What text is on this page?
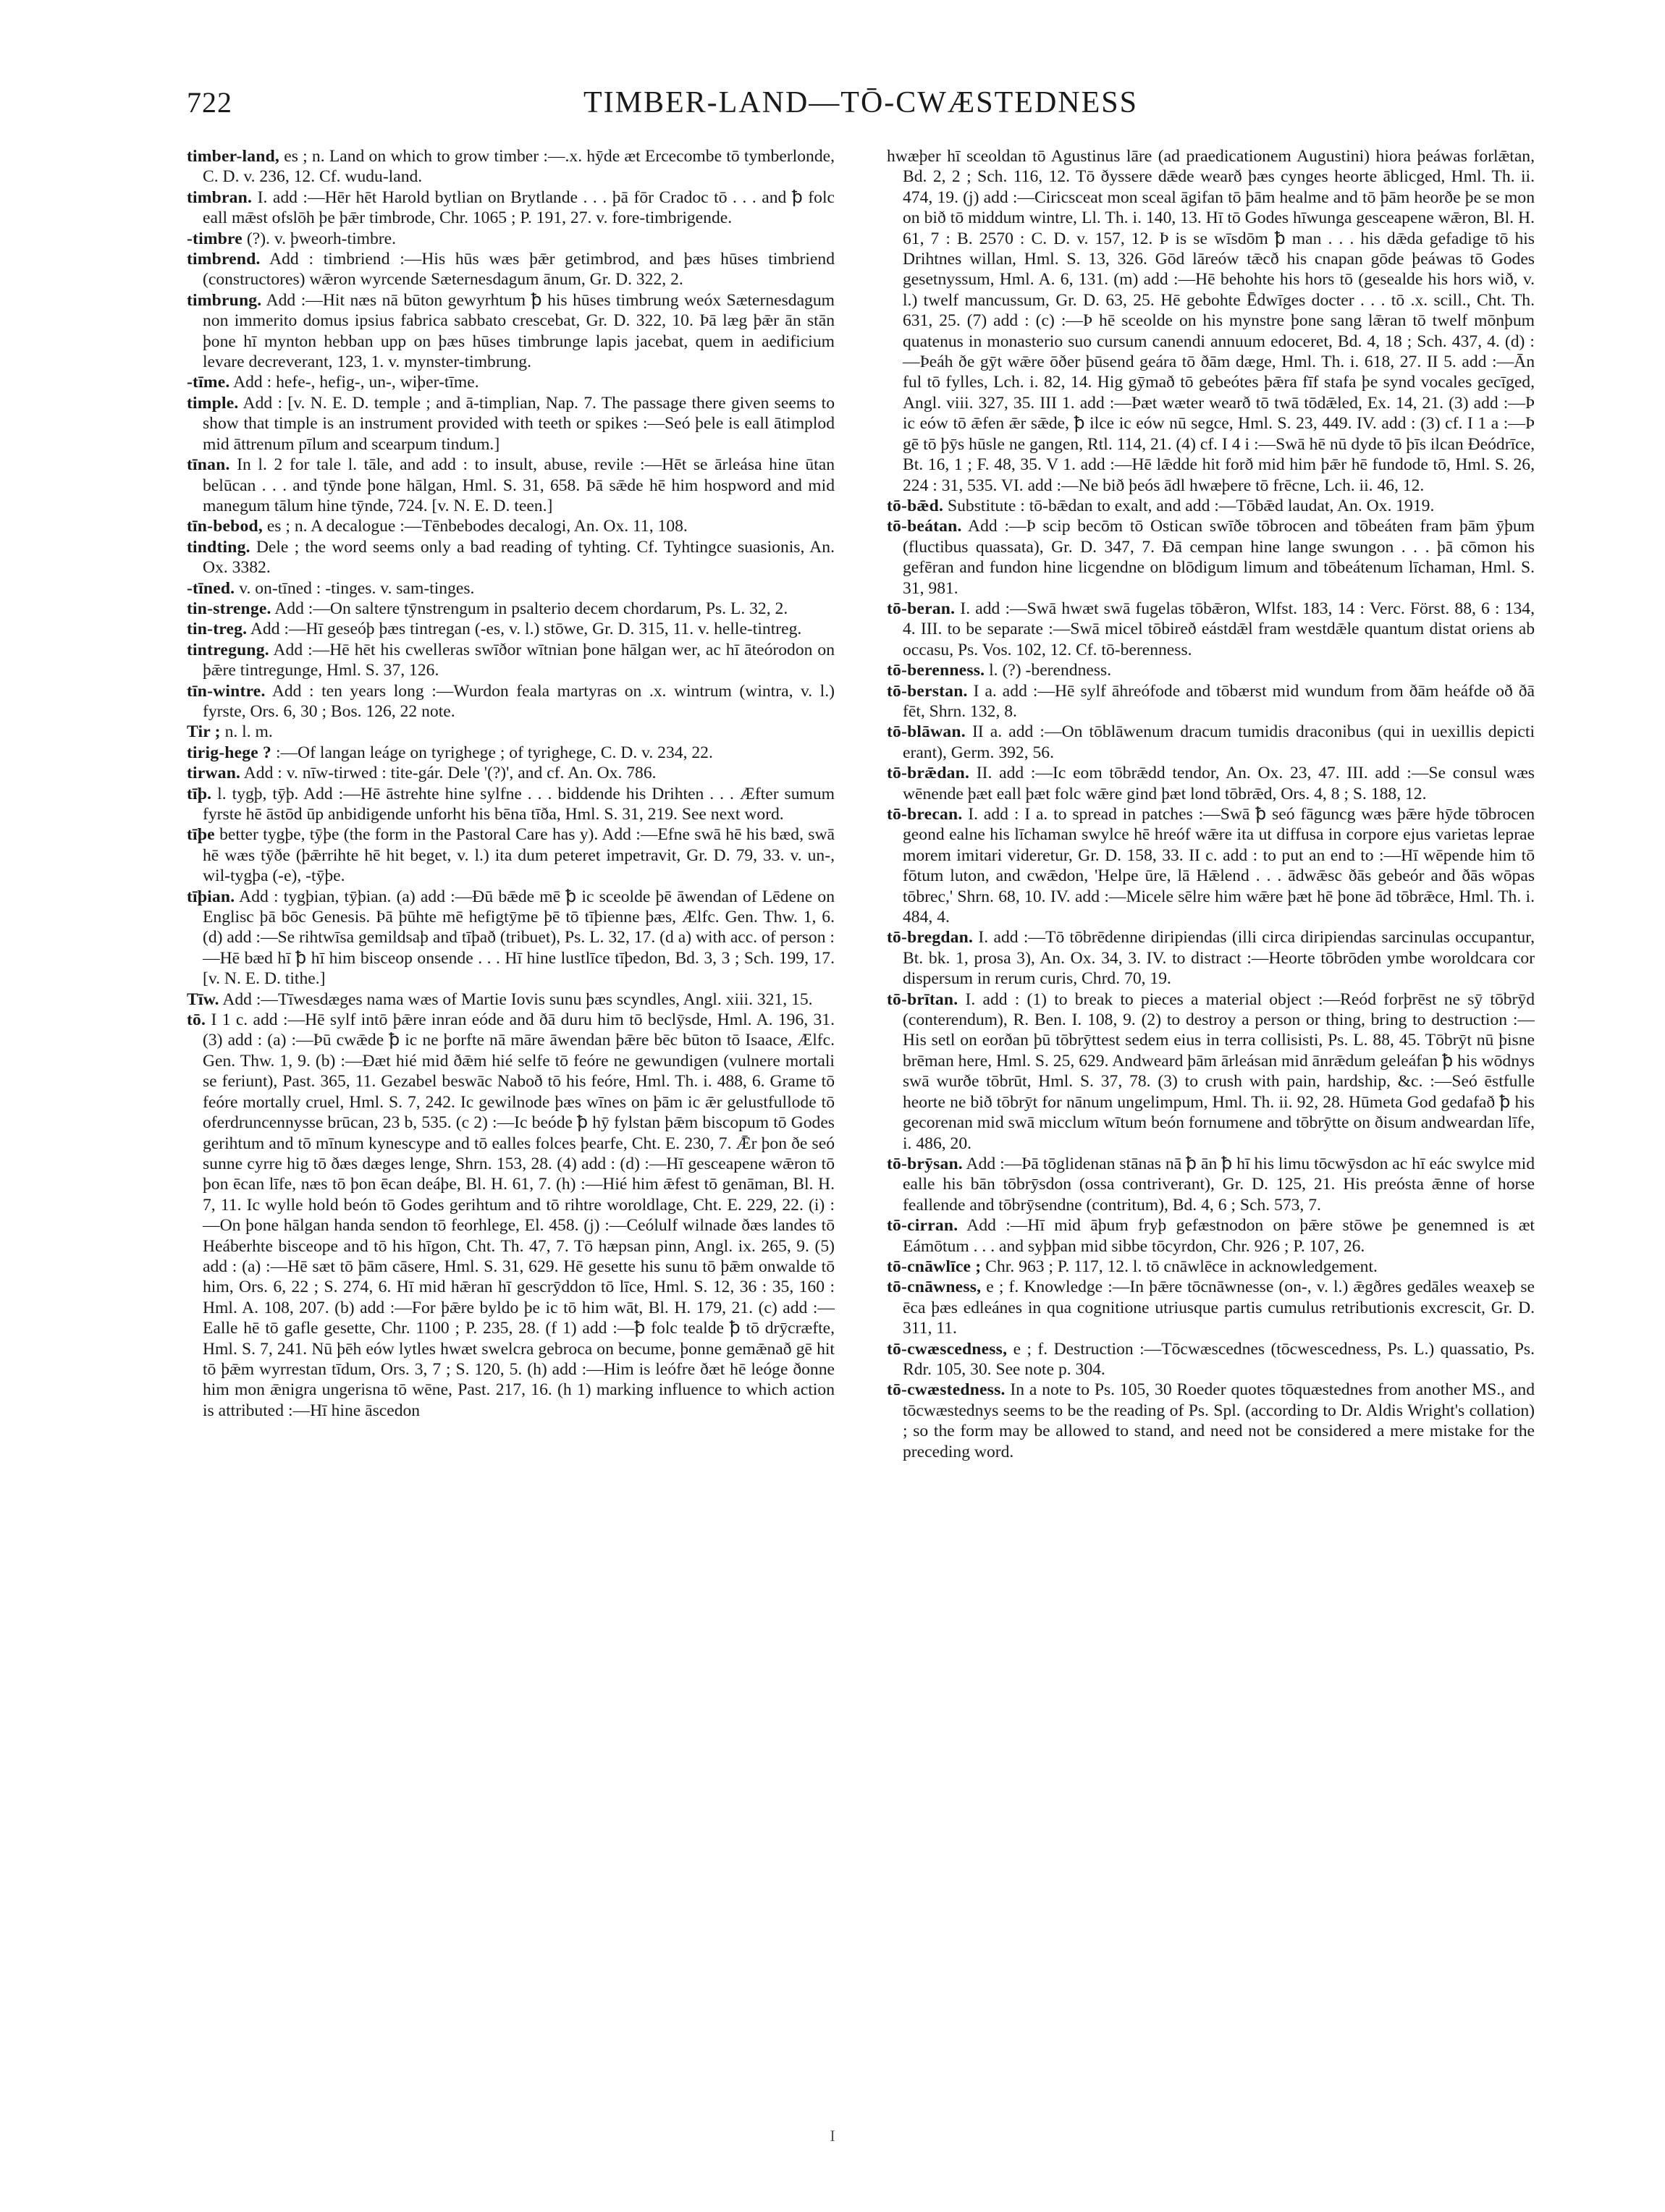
722	TIMBER-LAND—TŌ-CWÆSTEDNESS

timber-land, es ; n. Land on which to grow timber :—.x. hȳde æt Ercecombe tō tymberlonde, C. D. v. 236, 12. Cf. wudu-land.

timbran. I. add :—Hēr hēt Harold bytlian on Brytlande . . . þā fōr Cradoc tō . . . and ꝥ folc eall mǣst ofslōh þe þǣr timbrode, Chr. 1065 ; P. 191, 27. v. fore-timbrigende.

-timbre (?). v. þweorh-timbre.

timbrend. Add : timbriend :—His hūs wæs þǣr getimbrod, and þæs hūses timbriend (constructores) wǣron wyrcende Sæternesdagum ānum, Gr. D. 322, 2.

timbrung. Add :—Hit næs nā būton gewyrhtum ꝥ his hūses timbrung weóx Sæternesdagum non immerito domus ipsius fabrica sabbato crescebat, Gr. D. 322, 10. Þā læg þǣr ān stān þone hī mynton hebban upp on þæs hūses timbrunge lapis jacebat, quem in aedificium levare decreverant, 123, 1. v. mynster-timbrung.

-tīme. Add : hefe-, hefig-, un-, wiþer-tīme.

timple. Add : [v. N. E. D. temple ; and ā-timplian, Nap. 7. The passage there given seems to show that timple is an instrument provided with teeth or spikes :—Seó þele is eall ātimplod mid āttrenum pīlum and scearpum tindum.]

tīnan. In l. 2 for tale l. tāle, and add : to insult, abuse, revile :—Hēt se ārleása hine ūtan belūcan . . . and tȳnde þone hālgan, Hml. S. 31, 658. Þā sǣde hē him hospword and mid manegum tālum hine tȳnde, 724. [v. N. E. D. teen.]

tīn-bebod, es ; n. A decalogue :—Tēnbebodes decalogi, An. Ox. 11, 108.

tindting. Dele ; the word seems only a bad reading of tyhting. Cf. Tyhtingce suasionis, An. Ox. 3382.

-tīned. v. on-tīned : -tinges. v. sam-tinges.

tin-strenge. Add :—On saltere tȳnstrengum in psalterio decem chordarum, Ps. L. 32, 2.

tin-treg. Add :—Hī geseóþ þæs tintregan (-es, v. l.) stōwe, Gr. D. 315, 11. v. helle-tintreg.

tintregung. Add :—Hē hēt his cwelleras swīðor wītnian þone hālgan wer, ac hī āteórodon on þǣre tintregunge, Hml. S. 37, 126.

tīn-wintre. Add : ten years long :—Wurdon feala martyras on .x. wintrum (wintra, v. l.) fyrste, Ors. 6, 30 ; Bos. 126, 22 note.

Tir ; n. l. m.

tirig-hege ? :—Of langan leáge on tyrighege ; of tyrighege, C. D. v. 234, 22.

tirwan. Add : v. nīw-tirwed : tite-gár. Dele '(?)', and cf. An. Ox. 786.

tīþ. l. tygþ, tȳþ. Add :—Hē āstrehte hine sylfne . . . biddende his Drihten . . . Æfter sumum fyrste hē āstōd ūp anbidigende unforht his bēna tīða, Hml. S. 31, 219. See next word.

tīþe better tygþe, tȳþe (the form in the Pastoral Care has y). Add :—Efne swā hē his bæd, swā hē wæs tȳðe (þǣrrihte hē hit beget, v. l.) ita dum peteret impetravit, Gr. D. 79, 33. v. un-, wil-tygþa (-e), -tȳþe.

tīþian. Add : tygþian, tȳþian. (a) add :—Ðū bǣde mē ꝥ ic sceolde þē āwendan of Lēdene on Englisc þā bōc Genesis. Þā þūhte mē hefigtȳme þē tō tīþienne þæs, Ælfc. Gen. Thw. 1, 6. (d) add :—Se rihtwīsa gemildsaþ and tīþað (tribuet), Ps. L. 32, 17. (d a) with acc. of person :—Hē bæd hī ꝥ hī him bisceop onsende . . . Hī hine lustlīce tīþedon, Bd. 3, 3 ; Sch. 199, 17. [v. N. E. D. tithe.]

Tīw. Add :—Tīwesdæges nama wæs of Martie Iovis sunu þæs scyndles, Angl. xiii. 321, 15.

tō. I 1 c. add :—Hē sylf intō þǣre inran eóde and ðā duru him tō beclȳsde, Hml. A. 196, 31. (3) add : (a) :—Þū cwǣde ꝥ ic ne þorfte nā māre āwendan þǣre bēc būton tō Isaace, Ælfc. Gen. Thw. 1, 9. (b) :—Ðæt hié mid ðǣm hié selfe tō feóre ne gewundigen (vulnere mortali se feriunt), Past. 365, 11. Gezabel beswāc Naboð tō his feóre, Hml. Th. i. 488, 6. Grame tō feóre mortally cruel, Hml. S. 7, 242. Ic gewilnode þæs wīnes on þām ic ǣr gelustfullode tō oferdruncennysse brūcan, 23 b, 535. (c 2) :—Ic beóde ꝥ hȳ fylstan þǣm biscopum tō Godes gerihtum and tō mīnum kynescype and tō ealles folces þearfe, Cht. E. 230, 7. Ǣr þon ðe seó sunne cyrre hig tō ðæs dæges lenge, Shrn. 153, 28. (4) add : (d) :—Hī gesceapene wǣron tō þon ēcan līfe, næs tō þon ēcan deáþe, Bl. H. 61, 7. (h) :—Hié him ǣfest tō genāman, Bl. H. 7, 11. Ic wylle hold beón tō Godes gerihtum and tō rihtre woroldlage, Cht. E. 229, 22. (i) :—On þone hālgan handa sendon tō feorhlege, El. 458. (j) :—Ceólulf wilnade ðæs landes tō Heáberhte bisceope and tō his hīgon, Cht. Th. 47, 7. Tō hæpsan pinn, Angl. ix. 265, 9. (5) add : (a) :—Hē sæt tō þām cāsere, Hml. S. 31, 629. Hē gesette his sunu tō þǣm onwalde tō him, Ors. 6, 22 ; S. 274, 6. Hī mid hǣran hī gescrȳddon tō līce, Hml. S. 12, 36 : 35, 160 : Hml. A. 108, 207. (b) add :—For þǣre byldo þe ic tō him wāt, Bl. H. 179, 21. (c) add :—Ealle hē tō gafle gesette, Chr. 1100 ; P. 235, 28. (f 1) add :—ꝥ folc tealde ꝥ tō drȳcræfte, Hml. S. 7, 241. Nū þēh eów lytles hwæt swelcra gebroca on becume, þonne gemǣnað gē hit tō þǣm wyrrestan tīdum, Ors. 3, 7 ; S. 120, 5. (h) add :—Him is leófre ðæt hē leóge ðonne him mon ǣnigra ungerisna tō wēne, Past. 217, 16. (h 1) marking influence to which action is attributed :—Hī hine āscedon

hwæþer hī sceoldan tō Agustinus lāre (ad praedicationem Augustini) hiora þeáwas forlǣtan, Bd. 2, 2 ; Sch. 116, 12. Tō ðyssere dǣde wearð þæs cynges heorte āblicged, Hml. Th. ii. 474, 19. (j) add :—Ciricsceat mon sceal āgifan tō þām healme and tō þām heorðe þe se mon on bið tō middum wintre, Ll. Th. i. 140, 13. Hī tō Godes hīwunga gesceapene wǣron, Bl. H. 61, 7 : B. 2570 : C. D. v. 157, 12. Þ is se wīsdōm ꝥ man . . . his dǣda gefadige tō his Drihtnes willan, Hml. S. 13, 326. Gōd lāreów tǣcð his cnapan gōde þeáwas tō Godes gesetnyssum, Hml. A. 6, 131. (m) add :—Hē behohte his hors tō (gesealde his hors wið, v. l.) twelf mancussum, Gr. D. 63, 25. Hē gebohte Ēdwīges docter . . . tō .x. scill., Cht. Th. 631, 25. (7) add : (c) :—Þ hē sceolde on his mynstre þone sang lǣran tō twelf mōnþum quatenus in monasterio suo cursum canendi annuum edoceret, Bd. 4, 18 ; Sch. 437, 4. (d) :—Þeáh ðe gȳt wǣre ōðer þūsend geára tō ðām dæge, Hml. Th. i. 618, 27. II 5. add :—Ān ful tō fylles, Lch. i. 82, 14. Hig gȳmað tō gebeótes þǣra fīf stafa þe synd vocales gecīged, Angl. viii. 327, 35. III 1. add :—Þæt wæter wearð tō twā tōdǣled, Ex. 14, 21. (3) add :—Þ ic eów tō ǣfen ǣr sǣde, ꝥ ilce ic eów nū segce, Hml. S. 23, 449. IV. add : (3) cf. I 1 a :—Þ gē tō þȳs hūsle ne gangen, Rtl. 114, 21. (4) cf. I 4 i :—Swā hē nū dyde tō þīs ilcan Ðeódrīce, Bt. 16, 1 ; F. 48, 35. V 1. add :—Hē lǣdde hit forð mid him þǣr hē fundode tō, Hml. S. 26, 224 : 31, 535. VI. add :—Ne bið þeós ādl hwæþere tō frēcne, Lch. ii. 46, 12.

tō-bǣd. Substitute : tō-bǣdan to exalt, and add :—Tōbǣd laudat, An. Ox. 1919.

tō-beátan. Add :—Þ scip becōm tō Ostican swīðe tōbrocen and tōbeáten fram þām ȳþum (fluctibus quassata), Gr. D. 347, 7. Ðā cempan hine lange swungon . . . þā cōmon his gefēran and fundon hine licgendne on blōdigum limum and tōbeátenum līchaman, Hml. S. 31, 981.

tō-beran. I. add :—Swā hwæt swā fugelas tōbǣron, Wlfst. 183, 14 : Verc. Först. 88, 6 : 134, 4. III. to be separate :—Swā micel tōbireð eástdǣl fram westdǣle quantum distat oriens ab occasu, Ps. Vos. 102, 12. Cf. tō-berenness.

tō-berenness. l. (?) -berendness.

tō-berstan. I a. add :—Hē sylf āhreófode and tōbærst mid wundum from ðām heáfde oð ðā fēt, Shrn. 132, 8.

tō-blāwan. II a. add :—On tōblāwenum dracum tumidis draconibus (qui in uexillis depicti erant), Germ. 392, 56.

tō-brǣdan. II. add :—Ic eom tōbrǣdd tendor, An. Ox. 23, 47. III. add :—Se consul wæs wēnende þæt eall þæt folc wǣre gind þæt lond tōbrǣd, Ors. 4, 8 ; S. 188, 12.

tō-brecan. I. add : I a. to spread in patches :—Swā ꝥ seó fāguncg wæs þǣre hȳde tōbrocen geond ealne his līchaman swylce hē hreóf wǣre ita ut diffusa in corpore ejus varietas leprae morem imitari videretur, Gr. D. 158, 33. II c. add : to put an end to :—Hī wēpende him tō fōtum luton, and cwǣdon, 'Helpe ūre, lā Hǣlend . . . ādwǣsc ðās gebeór and ðās wōpas tōbrec,' Shrn. 68, 10. IV. add :—Micele sēlre him wǣre þæt hē þone ād tōbrǣce, Hml. Th. i. 484, 4.

tō-bregdan. I. add :—Tō tōbrēdenne diripiendas (illi circa diripiendas sarcinulas occupantur, Bt. bk. 1, prosa 3), An. Ox. 34, 3. IV. to distract :—Heorte tōbrōden ymbe woroldcara cor dispersum in rerum curis, Chrd. 70, 19.

tō-brītan. I. add : (1) to break to pieces a material object :—Reód forþrēst ne sȳ tōbrȳd (conterendum), R. Ben. I. 108, 9. (2) to destroy a person or thing, bring to destruction :—His setl on eorðan þū tōbrȳttest sedem eius in terra collisisti, Ps. L. 88, 45. Tōbrȳt nū þisne brēman here, Hml. S. 25, 629. Andweard þām ārleásan mid ānrǣdum geleáfan ꝥ his wōdnys swā wurðe tōbrūt, Hml. S. 37, 78. (3) to crush with pain, hardship, &c. :—Seó ēstfulle heorte ne bið tōbrȳt for nānum ungelimpum, Hml. Th. ii. 92, 28. Hūmeta God gedafað ꝥ his gecorenan mid swā micclum wītum beón fornumene and tōbrȳtte on ðisum andweardan līfe, i. 486, 20.

tō-brȳsan. Add :—Þā tōglidenan stānas nā ꝥ ān ꝥ hī his limu tōcwȳsdon ac hī eác swylce mid ealle his bān tōbrȳsdon (ossa contriverant), Gr. D. 125, 21. His preósta ǣnne of horse feallende and tōbrȳsendne (contritum), Bd. 4, 6 ; Sch. 573, 7.

tō-cirran. Add :—Hī mid āþum fryþ gefæstnodon on þǣre stōwe þe genemned is æt Eámōtum . . . and syþþan mid sibbe tōcyrdon, Chr. 926 ; P. 107, 26.

tō-cnāwlīce ; Chr. 963 ; P. 117, 12. l. tō cnāwlēce in acknowledgement.

tō-cnāwness, e ; f. Knowledge :—In þǣre tōcnāwnesse (on-, v. l.) ǣgðres gedāles weaxeþ se ēca þæs edleánes in qua cognitione utriusque partis cumulus retributionis excrescit, Gr. D. 311, 11.

tō-cwæscedness, e ; f. Destruction :—Tōcwæscednes (tōcwescedness, Ps. L.) quassatio, Ps. Rdr. 105, 30. See note p. 304.

tō-cwæstedness. In a note to Ps. 105, 30 Roeder quotes tōquæstednes from another MS., and tōcwæstednys seems to be the reading of Ps. Spl. (according to Dr. Aldis Wright's collation) ; so the form may be allowed to stand, and need not be considered a mere mistake for the preceding word.

I
